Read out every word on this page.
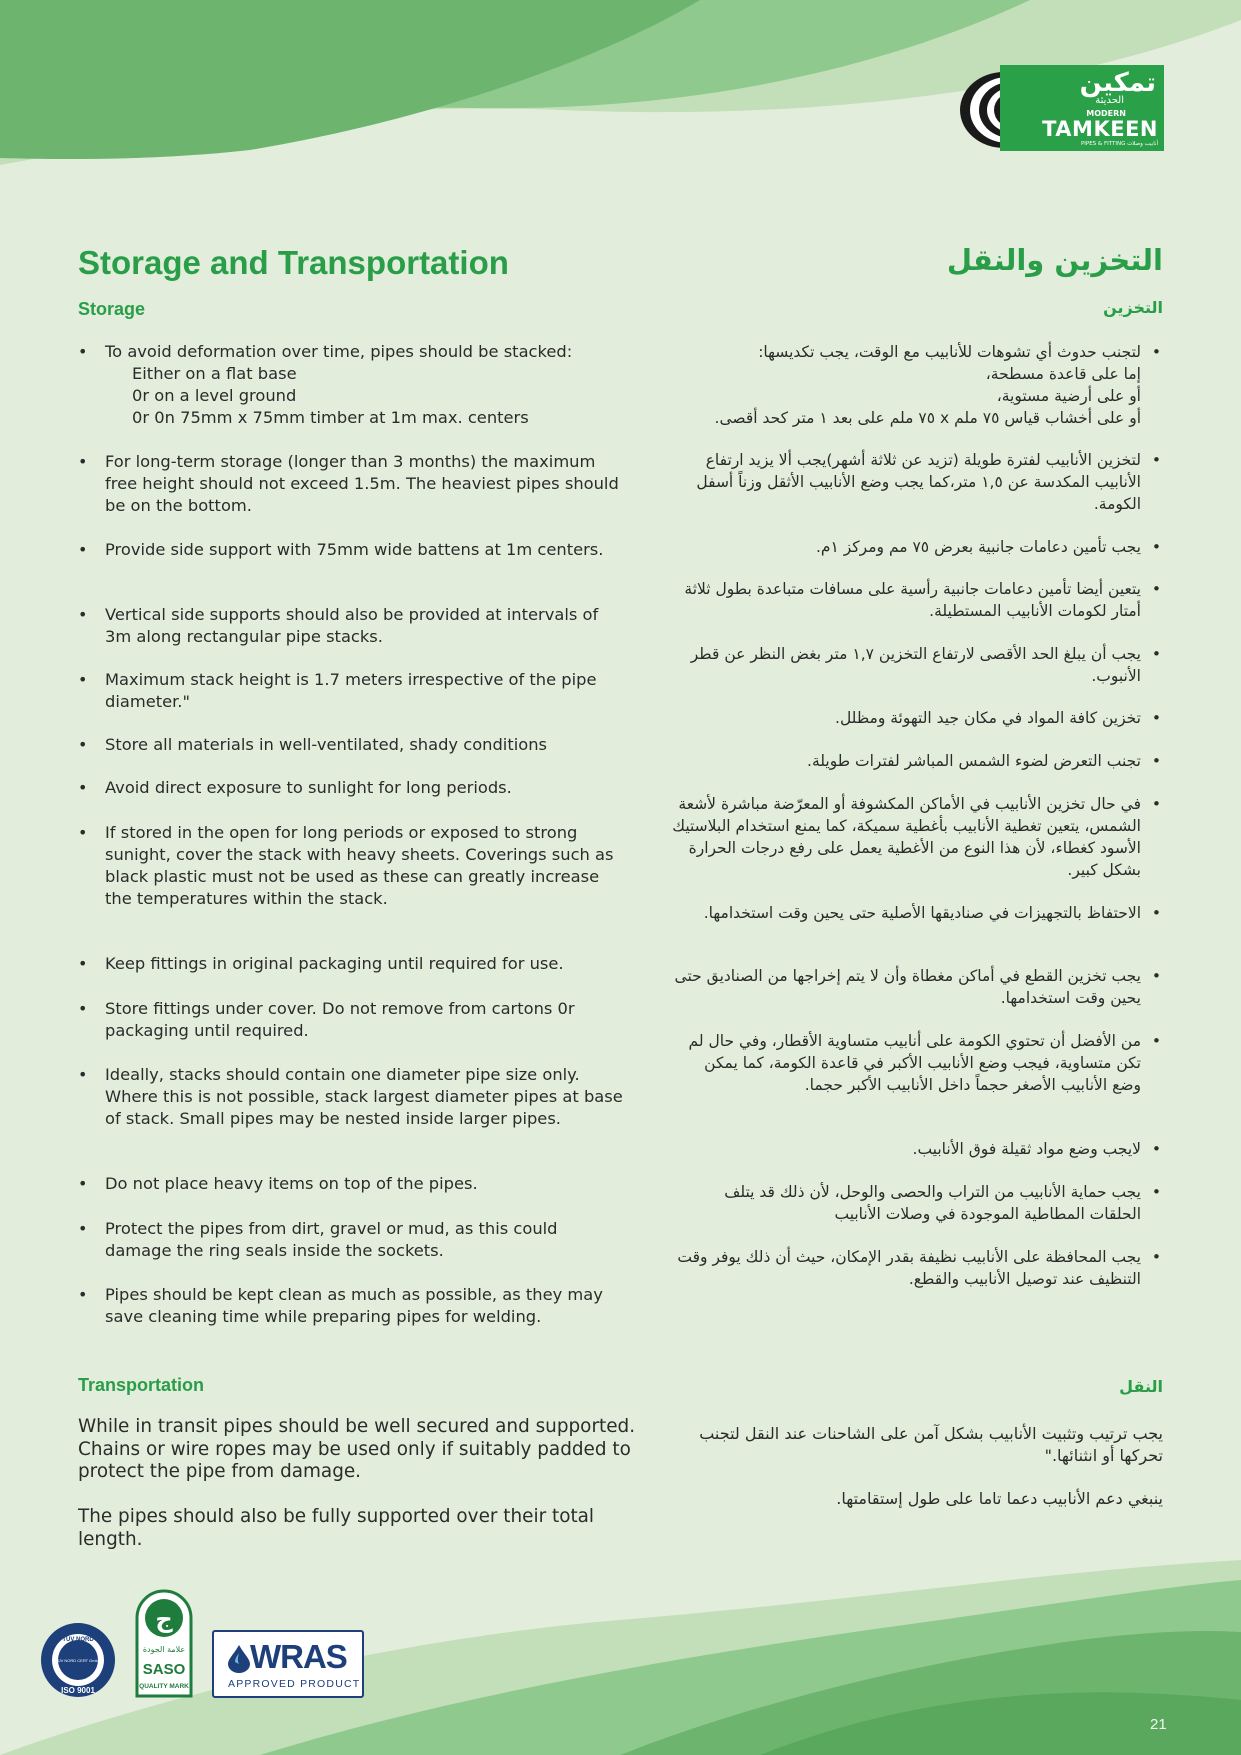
تمكين
الحديثة
MODERN
TAMKEEN
PIPES & FITTING أنابيب وصلات
Storage and Transportation
Storage
• To avoid deformation over time, pipes should be stacked:
Either on a flat base
0r on a level ground
0r 0n 75mm x 75mm timber at 1m max. centers
• For long-term storage (longer than 3 months) the maximum free height should not exceed 1.5m. The heaviest pipes should be on the bottom.
• Provide side support with 75mm wide battens at 1m centers.
• Vertical side supports should also be provided at intervals of 3m along rectangular pipe stacks.
• Maximum stack height is 1.7 meters irrespective of the pipe diameter."
• Store all materials in well-ventilated, shady conditions
• Avoid direct exposure to sunlight for long periods.
• If stored in the open for long periods or exposed to strong sunight, cover the stack with heavy sheets. Coverings such as black plastic must not be used as these can greatly increase the temperatures within the stack.
• Keep fittings in original packaging until required for use.
• Store fittings under cover. Do not remove from cartons 0r packaging until required.
• Ideally, stacks should contain one diameter pipe size only. Where this is not possible, stack largest diameter pipes at base of stack. Small pipes may be nested inside larger pipes.
• Do not place heavy items on top of the pipes.
• Protect the pipes from dirt, gravel or mud, as this could damage the ring seals inside the sockets.
• Pipes should be kept clean as much as possible, as they may save cleaning time while preparing pipes for welding.
Transportation

While in transit pipes should be well secured and supported. Chains or wire ropes may be used only if suitably padded to protect the pipe from damage.

The pipes should also be fully supported over their total length.

التخزين والنقل
التخزين
• لتجنب حدوث أي تشوهات للأنابيب مع الوقت، يجب تكديسها:
إما على قاعدة مسطحة،
أو على أرضية مستوية،
أو على أخشاب قياس ٧٥ ملم x ٧٥ ملم على بعد ١ متر كحد أقصى.
• لتخزين الأنابيب لفترة طويلة (تزيد عن ثلاثة أشهر)يجب ألا يزيد ارتفاع الأنابيب المكدسة عن ١,٥ متر،كما يجب وضع الأنابيب الأثقل وزناً أسفل الكومة.
• يجب تأمين دعامات جانبية بعرض ٧٥ مم ومركز ١م.
• يتعين أيضا تأمين دعامات جانبية رأسية على مسافات متباعدة بطول ثلاثة أمتار لكومات الأنابيب المستطيلة.
• يجب أن يبلغ الحد الأقصى لارتفاع التخزين ١,٧ متر بغض النظر عن قطر الأنبوب.
• تخزين كافة المواد في مكان جيد التهوئة ومظلل.
• تجنب التعرض لضوء الشمس المباشر لفترات طويلة.
• في حال تخزين الأنابيب في الأماكن المكشوفة أو المعرّضة مباشرة لأشعة الشمس، يتعين تغطية الأنابيب بأغطية سميكة، كما يمنع استخدام البلاستيك الأسود كغطاء، لأن هذا النوع من الأغطية يعمل على رفع درجات الحرارة بشكل كبير.
• الاحتفاظ بالتجهيزات في صناديقها الأصلية حتى يحين وقت استخدامها.
• يجب تخزين القطع في أماكن مغطاة وأن لا يتم إخراجها من الصناديق حتى يحين وقت استخدامها.
• من الأفضل أن تحتوي الكومة على أنابيب متساوية الأقطار، وفي حال لم تكن متساوية، فيجب وضع الأنابيب الأكبر في قاعدة الكومة، كما يمكن وضع الأنابيب الأصغر حجماً داخل الأنابيب الأكبر حجما.
• لايجب وضع مواد ثقيلة فوق الأنابيب.
• يجب حماية الأنابيب من التراب والحصى والوحل، لأن ذلك قد يتلف الحلقات المطاطية الموجودة في وصلات الأنابيب
• يجب المحافظة على الأنابيب نظيفة بقدر الإمكان، حيث أن ذلك يوفر وقت التنظيف عند توصيل الأنابيب والقطع.
النقل
يجب ترتيب وتثبيت الأنابيب بشكل آمن على الشاحنات عند النقل لتجنب تحركها أو انثنائها."
ينبغي دعم الأنابيب دعما تاما على طول إستقامتها.
TÜV NORD
TÜV NORD CERT GmbH
ISO 9001
ج
علامة الجودة
SASO
QUALITY MARK
WRAS
APPROVED PRODUCT
21
